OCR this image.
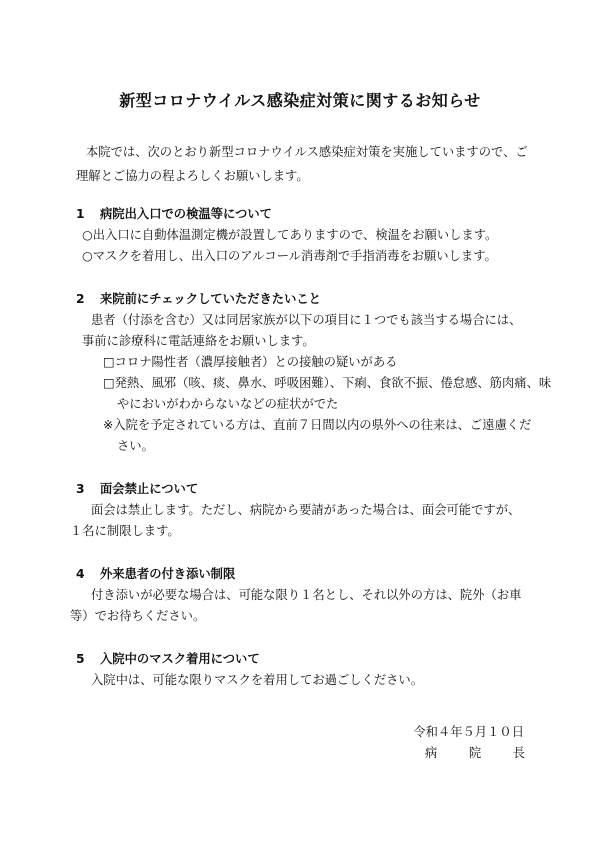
新型コロナウイルス感染症対策に関するお知らせ
本院では、次のとおり新型コロナウイルス感染症対策を実施していますので、ご
理解とご協力の程よろしくお願いします。
1 病院出入口での検温等について
○出入口に自動体温測定機が設置してありますので、検温をお願いします。
○マスクを着用し、出入口のアルコール消毒剤で手指消毒をお願いします。
2 来院前にチェックしていただきたいこと
患者（付添を含む）又は同居家族が以下の項目に１つでも該当する場合には、
事前に診療科に電話連絡をお願いします。
□コロナ陽性者（濃厚接触者）との接触の疑いがある
□発熱、風邪（咳、痰、鼻水、呼吸困難）、下痢、食欲不振、倦怠感、筋肉痛、味
やにおいがわからないなどの症状がでた
※入院を予定されている方は、直前７日間以内の県外への往来は、ご遠慮くだ
さい。
3 面会禁止について
面会は禁止します。ただし、病院から要請があった場合は、面会可能ですが、
１名に制限します。
4 外来患者の付き添い制限
付き添いが必要な場合は、可能な限り１名とし、それ以外の方は、院外（お車
等）でお待ちください。
5 入院中のマスク着用について
入院中は、可能な限りマスクを着用してお過ごしください。
令和４年５月１０日
病	院	長
